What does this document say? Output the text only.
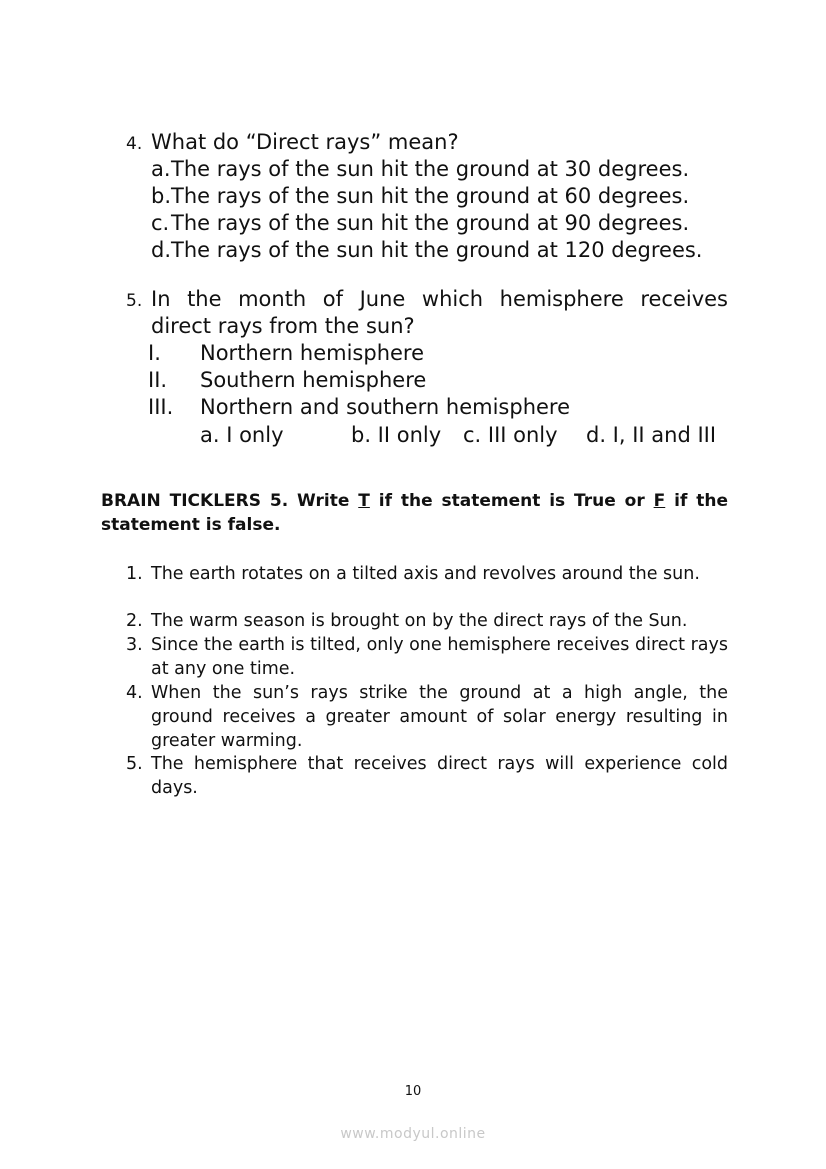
4. What do “Direct rays” mean?
a.The rays of the sun hit the ground at 30 degrees.
b.The rays of the sun hit the ground at 60 degrees.
c.The rays of the sun hit the ground at 90 degrees.
d.The rays of the sun hit the ground at 120 degrees.
5. In the month of June which hemisphere receives
direct rays from the sun?
I. Northern hemisphere
II. Southern hemisphere
III. Northern and southern hemisphere
a. I only	b. II only c. III only d. I, II and III
BRAIN TICKLERS 5. Write T if the statement is True or F if the statement is false.
1. The earth rotates on a tilted axis and revolves around the sun.
2. The warm season is brought on by the direct rays of the Sun.
3. Since the earth is tilted, only one hemisphere receives direct rays at any one time.
4. When the sun’s rays strike the ground at a high angle, the ground receives a greater amount of solar energy resulting in greater warming.
5. The hemisphere that receives direct rays will experience cold days.
10
www.modyul.online
